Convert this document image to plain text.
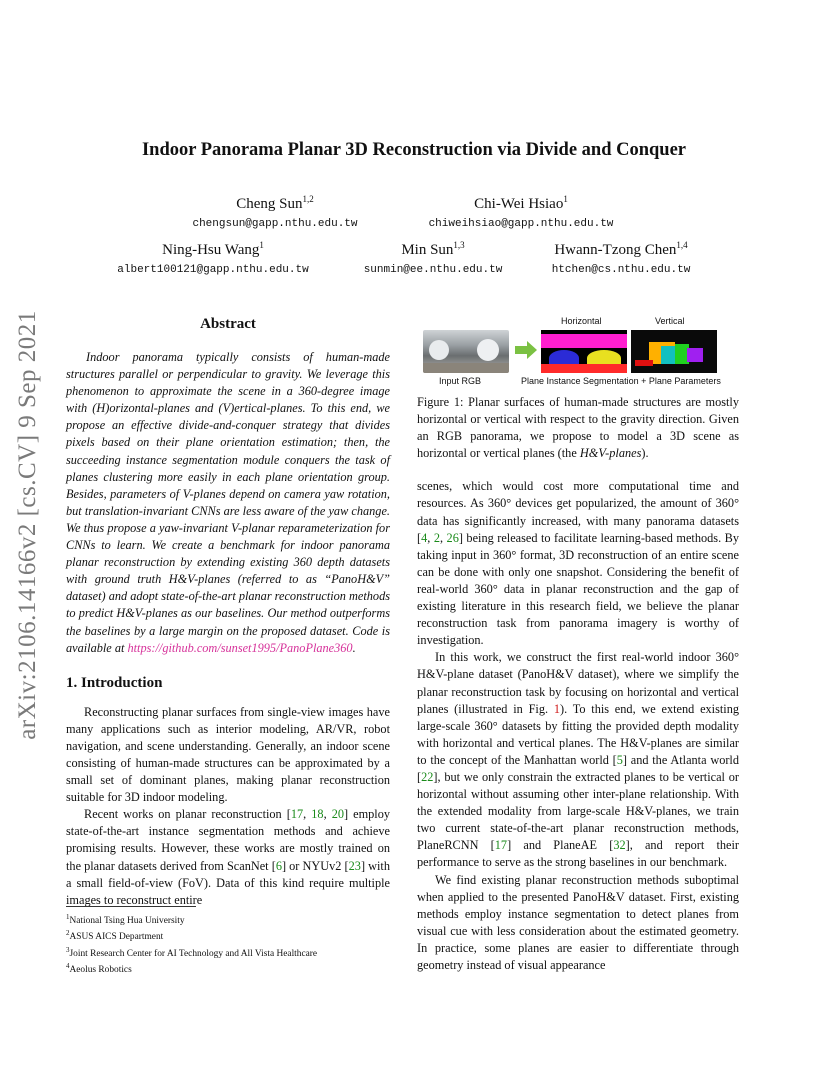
arXiv:2106.14166v2 [cs.CV] 9 Sep 2021
Indoor Panorama Planar 3D Reconstruction via Divide and Conquer
Cheng Sun$^{1,2}$
chengsun@gapp.nthu.edu.tw
Chi-Wei Hsiao$^1$
chiweihsiao@gapp.nthu.edu.tw
Ning-Hsu Wang$^1$
albert100121@gapp.nthu.edu.tw
Min Sun$^{1,3}$
sunmin@ee.nthu.edu.tw
Hwann-Tzong Chen$^{1,4}$
htchen@cs.nthu.edu.tw
Abstract

Indoor panorama typically consists of human-made structures parallel or perpendicular to gravity. We leverage this phenomenon to approximate the scene in a 360-degree image with (H)orizontal-planes and (V)ertical-planes. To this end, we propose an effective divide-and-conquer strategy that divides pixels based on their plane orientation estimation; then, the succeeding instance segmentation module conquers the task of planes clustering more easily in each plane orientation group. Besides, parameters of V-planes depend on camera yaw rotation, but translation-invariant CNNs are less aware of the yaw change. We thus propose a yaw-invariant V-planar reparameterization for CNNs to learn. We create a benchmark for indoor panorama planar reconstruction by extending existing 360 depth datasets with ground truth H&V-planes (referred to as “PanoH&V” dataset) and adopt state-of-the-art planar reconstruction methods to predict H&V-planes as our baselines. Our method outperforms the baselines by a large margin on the proposed dataset. Code is available at https://github.com/sunset1995/PanoPlane360.

1. Introduction

Reconstructing planar surfaces from single-view images have many applications such as interior modeling, AR/VR, robot navigation, and scene understanding. Generally, an indoor scene consisting of human-made structures can be approximated by a small set of dominant planes, making planar reconstruction suitable for 3D indoor modeling.

Recent works on planar reconstruction [17, 18, 20] employ state-of-the-art instance segmentation methods and achieve promising results. However, these works are mostly trained on the planar datasets derived from ScanNet [6] or NYUv2 [23] with a small field-of-view (FoV). Data of this kind require multiple images to reconstruct entire

$^1$National Tsing Hua University
$^2$ASUS AICS Department
$^3$Joint Research Center for AI Technology and All Vista Healthcare
$^4$Aeolus Robotics
Horizontal	Vertical
Input RGB	Plane Instance Segmentation + Plane Parameters
Figure 1: Planar surfaces of human-made structures are mostly horizontal or vertical with respect to the gravity direction. Given an RGB panorama, we propose to model a 3D scene as horizontal or vertical planes (the H&V-planes).

scenes, which would cost more computational time and resources. As 360° devices get popularized, the amount of 360° data has significantly increased, with many panorama datasets [4, 2, 26] being released to facilitate learning-based methods. By taking input in 360° format, 3D reconstruction of an entire scene can be done with only one snapshot. Considering the benefit of real-world 360° data in planar reconstruction and the gap of existing literature in this research field, we believe the planar reconstruction task from panorama imagery is worthy of investigation.

In this work, we construct the first real-world indoor 360° H&V-plane dataset (PanoH&V dataset), where we simplify the planar reconstruction task by focusing on horizontal and vertical planes (illustrated in Fig. 1). To this end, we extend existing large-scale 360° datasets by fitting the provided depth modality with horizontal and vertical planes. The H&V-planes are similar to the concept of the Manhattan world [5] and the Atlanta world [22], but we only constrain the extracted planes to be vertical or horizontal without assuming other inter-plane relationship. With the extended modality from large-scale H&V-planes, we train two current state-of-the-art planar reconstruction methods, PlaneRCNN [17] and PlaneAE [32], and report their performance to serve as the strong baselines in our benchmark.

We find existing planar reconstruction methods suboptimal when applied to the presented PanoH&V dataset. First, existing methods employ instance segmentation to detect planes from visual cue with less consideration about the estimated geometry. In practice, some planes are easier to differentiate through geometry instead of visual appearance
